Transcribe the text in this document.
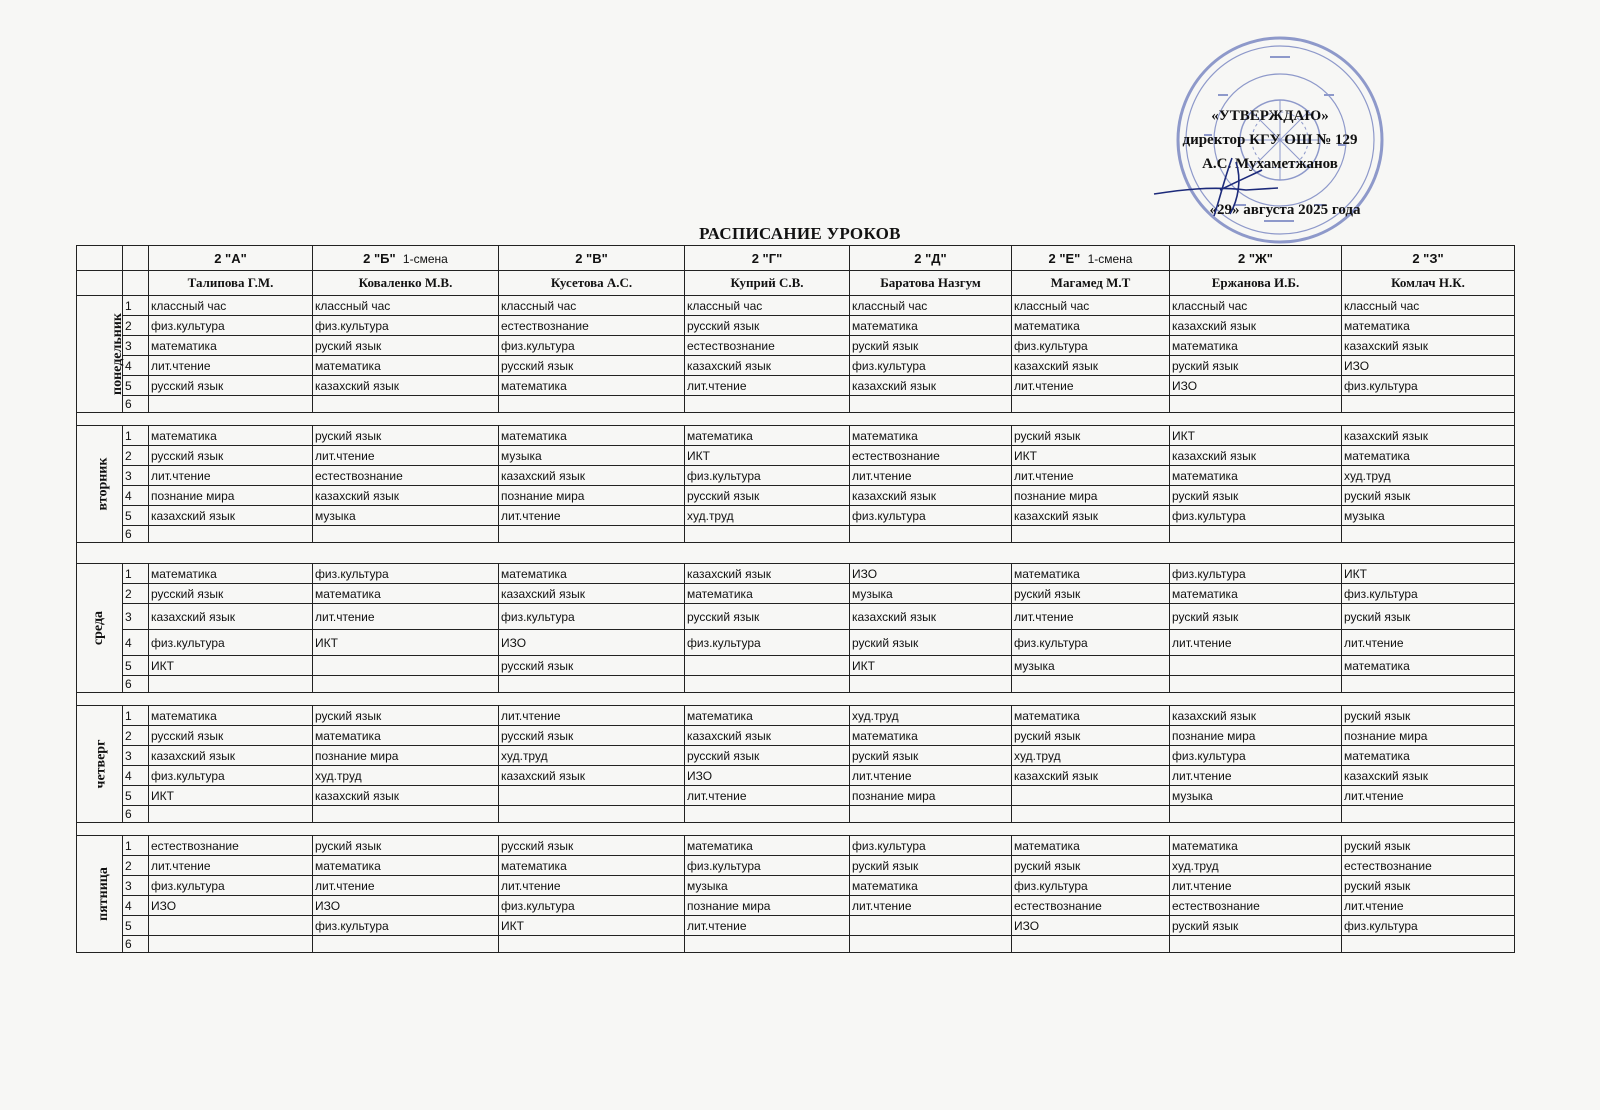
«УТВЕРЖДАЮ»
директор КГУ ОШ № 129
А.С. Мухаметжанов
«29» августа 2025 года
РАСПИСАНИЕ УРОКОВ
		2 "А"	2 "Б" 1-смена	2 "В"	2 "Г"	2 "Д"	2 "Е" 1-смена	2 "Ж"	2 "З"
		Талипова Г.М.	Коваленко М.В.	Кусетова А.С.	Куприй С.В.	Баратова Назгум	Магамед М.Т	Ержанова И.Б.	Комлач Н.К.
понедельник	1	классный час	классный час	классный час	классный час	классный час	классный час	классный час	классный час
	2	физ.культура	физ.культура	естествознание	русский язык	математика	математика	казахский язык	математика
	3	математика	руский язык	физ.культура	естествознание	руский язык	физ.культура	математика	казахский язык
	4	лит.чтение	математика	русский язык	казахский язык	физ.культура	казахский язык	руский язык	ИЗО
	5	русский язык	казахский язык	математика	лит.чтение	казахский язык	лит.чтение	ИЗО	физ.культура
	6								

вторник	1	математика	руский язык	математика	математика	математика	руский язык	ИКТ	казахский язык
	2	русский язык	лит.чтение	музыка	ИКТ	естествознание	ИКТ	казахский язык	математика
	3	лит.чтение	естествознание	казахский язык	физ.культура	лит.чтение	лит.чтение	математика	худ.труд
	4	познание мира	казахский язык	познание мира	русский язык	казахский язык	познание мира	руский язык	руский язык
	5	казахский язык	музыка	лит.чтение	худ.труд	физ.культура	казахский язык	физ.культура	музыка
	6								

среда	1	математика	физ.культура	математика	казахский язык	ИЗО	математика	физ.культура	ИКТ
	2	русский язык	математика	казахский язык	математика	музыка	руский язык	математика	физ.культура
	3	казахский язык	лит.чтение	физ.культура	русский язык	казахский язык	лит.чтение	руский язык	руский язык
	4	физ.культура	ИКТ	ИЗО	физ.культура	руский язык	физ.культура	лит.чтение	лит.чтение
	5	ИКТ		русский язык		ИКТ	музыка		математика
	6								

четверг	1	математика	руский язык	лит.чтение	математика	худ.труд	математика	казахский язык	руский язык
	2	русский язык	математика	русский язык	казахский язык	математика	руский язык	познание мира	познание мира
	3	казахский язык	познание мира	худ.труд	русский язык	руский язык	худ.труд	физ.культура	математика
	4	физ.культура	худ.труд	казахский язык	ИЗО	лит.чтение	казахский язык	лит.чтение	казахский язык
	5	ИКТ	казахский язык		лит.чтение	познание мира		музыка	лит.чтение
	6								

пятница	1	естествознание	руский язык	русский язык	математика	физ.культура	математика	математика	руский язык
	2	лит.чтение	математика	математика	физ.культура	руский язык	руский язык	худ.труд	естествознание
	3	физ.культура	лит.чтение	лит.чтение	музыка	математика	физ.культура	лит.чтение	руский язык
	4	ИЗО	ИЗО	физ.культура	познание мира	лит.чтение	естествознание	естествознание	лит.чтение
	5		физ.культура	ИКТ	лит.чтение		ИЗО	руский язык	физ.культура
	6								
